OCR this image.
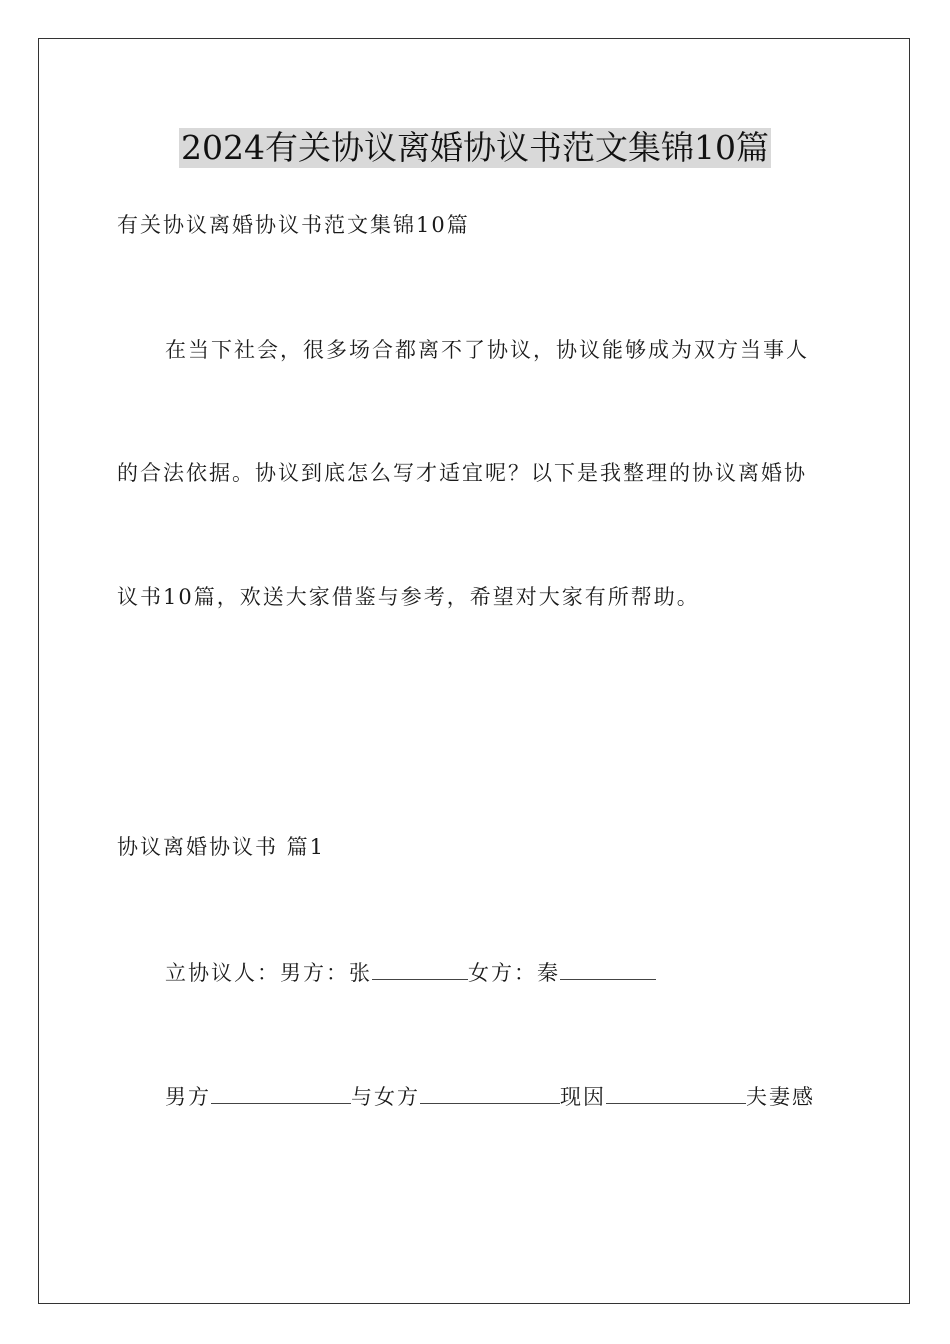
2024有关协议离婚协议书范文集锦10篇
有关协议离婚协议书范文集锦10篇
在当下社会，很多场合都离不了协议，协议能够成为双方当事人
的合法依据。协议到底怎么写才适宜呢？以下是我整理的协议离婚协
议书10篇，欢送大家借鉴与参考，希望对大家有所帮助。
协议离婚协议书 篇1
立协议人：男方：张	女方：秦
男方	与女方	现因	夫妻感
